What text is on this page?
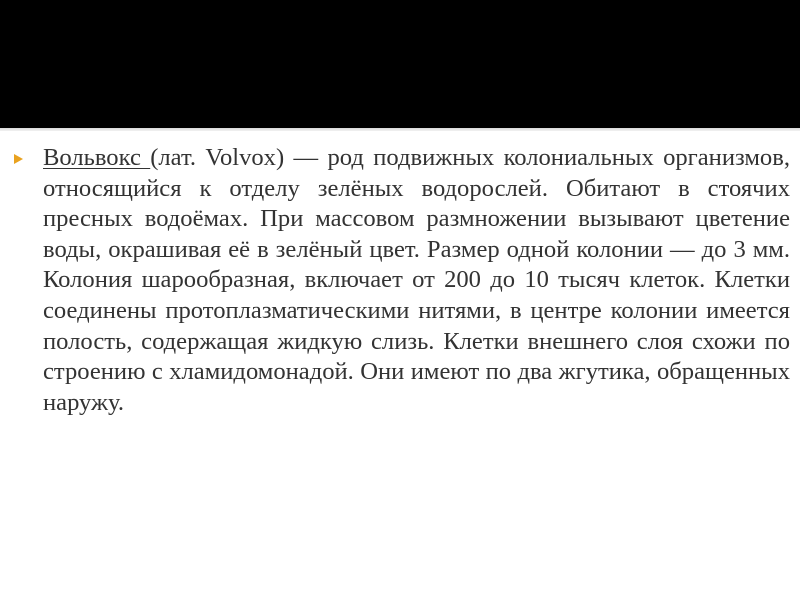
Вольвокс (лат. Volvox) — род подвижных колониальных организмов, относящийся к отделу зелёных водорослей. Обитают в стоячих пресных водоёмах. При массовом размножении вызывают цветение воды, окрашивая её в зелёный цвет. Размер одной колонии — до 3 мм. Колония шарообразная, включает от 200 до 10 тысяч клеток. Клетки соединены протоплазматическими нитями, в центре колонии имеется полость, содержащая жидкую слизь. Клетки внешнего слоя схожи по строению с хламидомонадой. Они имеют по два жгутика, обращенных наружу.
